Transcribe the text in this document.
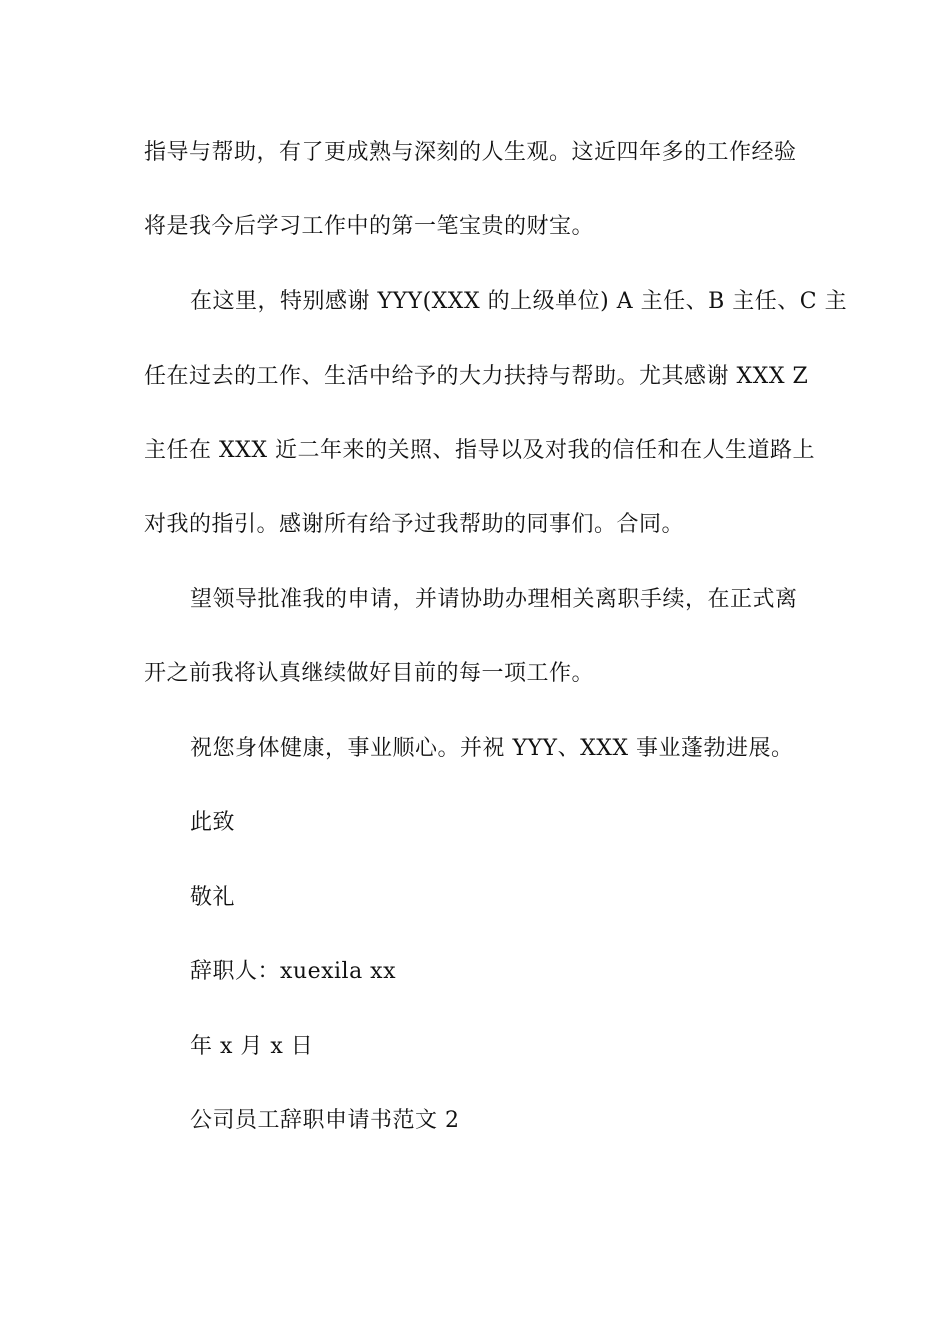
指导与帮助，有了更成熟与深刻的人生观。这近四年多的工作经验
将是我今后学习工作中的第一笔宝贵的财宝。
在这里，特别感谢 YYY(XXX 的上级单位) A 主任、B 主任、C 主
任在过去的工作、生活中给予的大力扶持与帮助。尤其感谢 XXX Z
主任在 XXX 近二年来的关照、指导以及对我的信任和在人生道路上
对我的指引。感谢所有给予过我帮助的同事们。合同。
望领导批准我的申请，并请协助办理相关离职手续，在正式离
开之前我将认真继续做好目前的每一项工作。
祝您身体健康，事业顺心。并祝 YYY、XXX 事业蓬勃进展。
此致
敬礼
辞职人：xuexila xx
年 x 月 x 日
公司员工辞职申请书范文 2
